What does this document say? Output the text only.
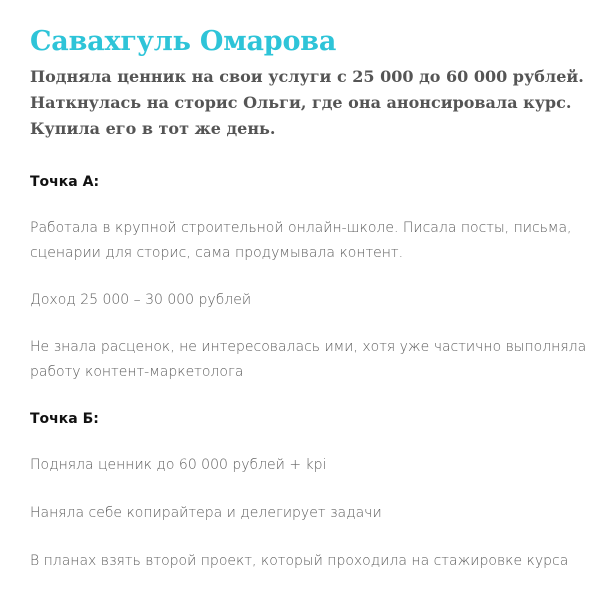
Савахгуль Омарова

Подняла ценник на свои услуги с 25 000 до 60 000 рублей.
Наткнулась на сторис Ольги, где она анонсировала курс.
Купила его в тот же день.

Точка А:

Работала в крупной строительной онлайн-школе. Писала посты, письма,
сценарии для сторис, сама продумывала контент.

Доход 25 000 – 30 000 рублей

Не знала расценок, не интересовалась ими, хотя уже частично выполняла
работу контент-маркетолога

Точка Б:

Подняла ценник до 60 000 рублей + kpi

Наняла себе копирайтера и делегирует задачи

В планах взять второй проект, который проходила на стажировке курса
